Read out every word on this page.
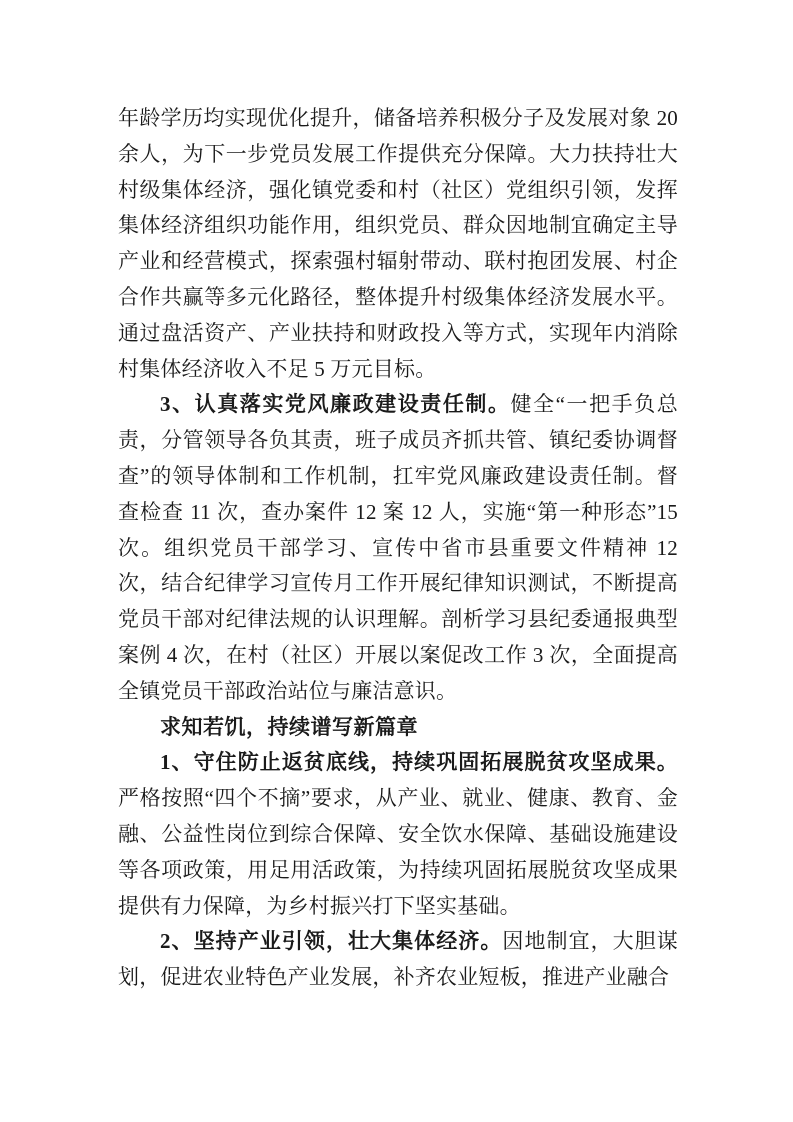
年龄学历均实现优化提升，储备培养积极分子及发展对象 20 余人，为下一步党员发展工作提供充分保障。大力扶持壮大村级集体经济，强化镇党委和村（社区）党组织引领，发挥集体经济组织功能作用，组织党员、群众因地制宜确定主导产业和经营模式，探索强村辐射带动、联村抱团发展、村企合作共赢等多元化路径，整体提升村级集体经济发展水平。通过盘活资产、产业扶持和财政投入等方式，实现年内消除村集体经济收入不足 5 万元目标。

3、认真落实党风廉政建设责任制。健全“一把手负总责，分管领导各负其责，班子成员齐抓共管、镇纪委协调督查”的领导体制和工作机制，扛牢党风廉政建设责任制。督查检查 11 次，查办案件 12 案 12 人，实施“第一种形态”15 次。组织党员干部学习、宣传中省市县重要文件精神 12 次，结合纪律学习宣传月工作开展纪律知识测试，不断提高党员干部对纪律法规的认识理解。剖析学习县纪委通报典型案例 4 次，在村（社区）开展以案促改工作 3 次，全面提高全镇党员干部政治站位与廉洁意识。

求知若饥，持续谱写新篇章

1、守住防止返贫底线，持续巩固拓展脱贫攻坚成果。严格按照“四个不摘”要求，从产业、就业、健康、教育、金融、公益性岗位到综合保障、安全饮水保障、基础设施建设等各项政策，用足用活政策，为持续巩固拓展脱贫攻坚成果提供有力保障，为乡村振兴打下坚实基础。

2、坚持产业引领，壮大集体经济。因地制宜，大胆谋划，促进农业特色产业发展，补齐农业短板，推进产业融合
